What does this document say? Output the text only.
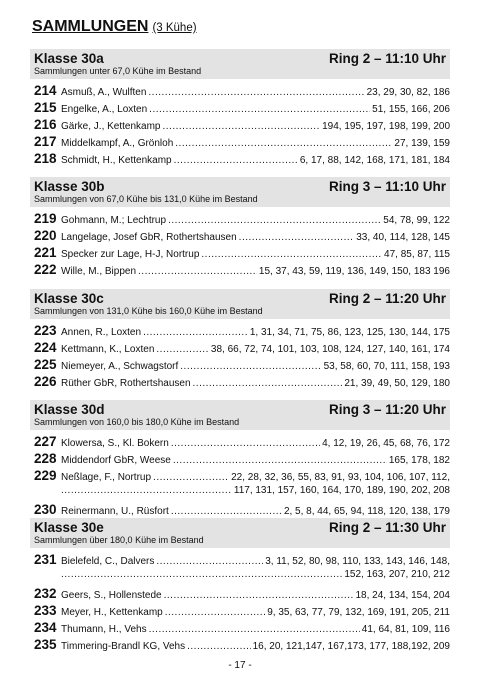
SAMMLUNGEN (3 Kühe)
Klasse 30a	Ring 2 – 11:10 Uhr
Sammlungen unter 67,0 Kühe im Bestand
214 Asmuß, A., Wulften .....	23, 29, 30, 82, 186
215 Engelke, A., Loxten .....	51, 155, 166, 206
216 Gärke, J., Kettenkamp .....	194, 195, 197, 198, 199, 200
217 Middelkampf, A., Grönloh .....	27, 139, 159
218 Schmidt, H., Kettenkamp .....	6, 17, 88, 142, 168, 171, 181, 184
Klasse 30b	Ring 3 – 11:10 Uhr
Sammlungen von 67,0 Kühe bis 131,0 Kühe im Bestand
219 Gohmann, M.; Lechtrup .....	54, 78, 99, 122
220 Langelage, Josef GbR, Rothertshausen .....	33, 40, 114, 128, 145
221 Specker zur Lage, H-J, Nortrup .....	47, 85, 87, 115
222 Wille, M., Bippen .....	15, 37, 43, 59, 119, 136, 149, 150, 183 196
Klasse 30c	Ring 2 – 11:20 Uhr
Sammlungen von 131,0 Kühe bis 160,0 Kühe im Bestand
223 Annen, R., Loxten .....	1, 31, 34, 71, 75, 86, 123, 125, 130, 144, 175
224 Kettmann, K., Loxten .....	38, 66, 72, 74, 101, 103, 108, 124, 127, 140, 161, 174
225 Niemeyer, A., Schwagstorf .....	53, 58, 60, 70, 111, 158, 193
226 Rüther GbR, Rothertshausen .....	21, 39, 49, 50, 129, 180
Klasse 30d	Ring 3 – 11:20 Uhr
Sammlungen von 160,0 bis 180,0 Kühe im Bestand
227 Klowersa, S., Kl. Bokern .....	4, 12, 19, 26, 45, 68, 76, 172
228 Middendorf GbR, Weese .....	165, 178, 182
229 Neßlage, F., Nortrup .....	22, 28, 32, 36, 55, 83, 91, 93, 104, 106, 107, 112,
.....
117, 131, 157, 160, 164, 170, 189, 190, 202, 208
230 Reinermann, U., Rüsfort .....	2, 5, 8, 44, 65, 94, 118, 120, 138, 179
Klasse 30e	Ring 2 – 11:30 Uhr
Sammlungen über 180,0 Kühe im Bestand
231 Bielefeld, C., Dalvers .....	3, 11, 52, 80, 98, 110, 133, 143, 146, 148,
.....
152, 163, 207, 210, 212
232 Geers, S., Hollenstede .....	18, 24, 134, 154, 204
233 Meyer, H., Kettenkamp .....	9, 35, 63, 77, 79, 132, 169, 191, 205, 211
234 Thumann, H., Vehs .....	41, 64, 81, 109, 116
235 Timmering-Brandl KG, Vehs .....	16, 20, 121,147, 167,173, 177, 188,192, 209
- 17 -
